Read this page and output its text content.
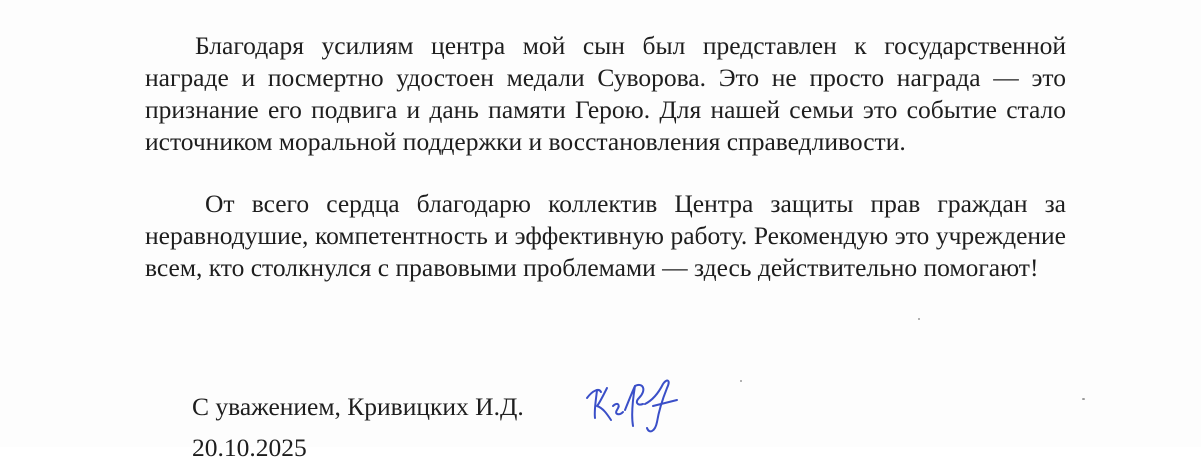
Благодаря усилиям центра мой сын был представлен к государственной награде и посмертно удостоен медали Суворова. Это не просто награда — это признание его подвига и дань памяти Герою. Для нашей семьи это событие стало источником моральной поддержки и восстановления справедливости.

От всего сердца благодарю коллектив Центра защиты прав граждан за неравнодушие, компетентность и эффективную работу. Рекомендую это учреждение всем, кто столкнулся с правовыми проблемами — здесь действительно помогают!

С уважением, Кривицких И.Д.

20.10.2025
